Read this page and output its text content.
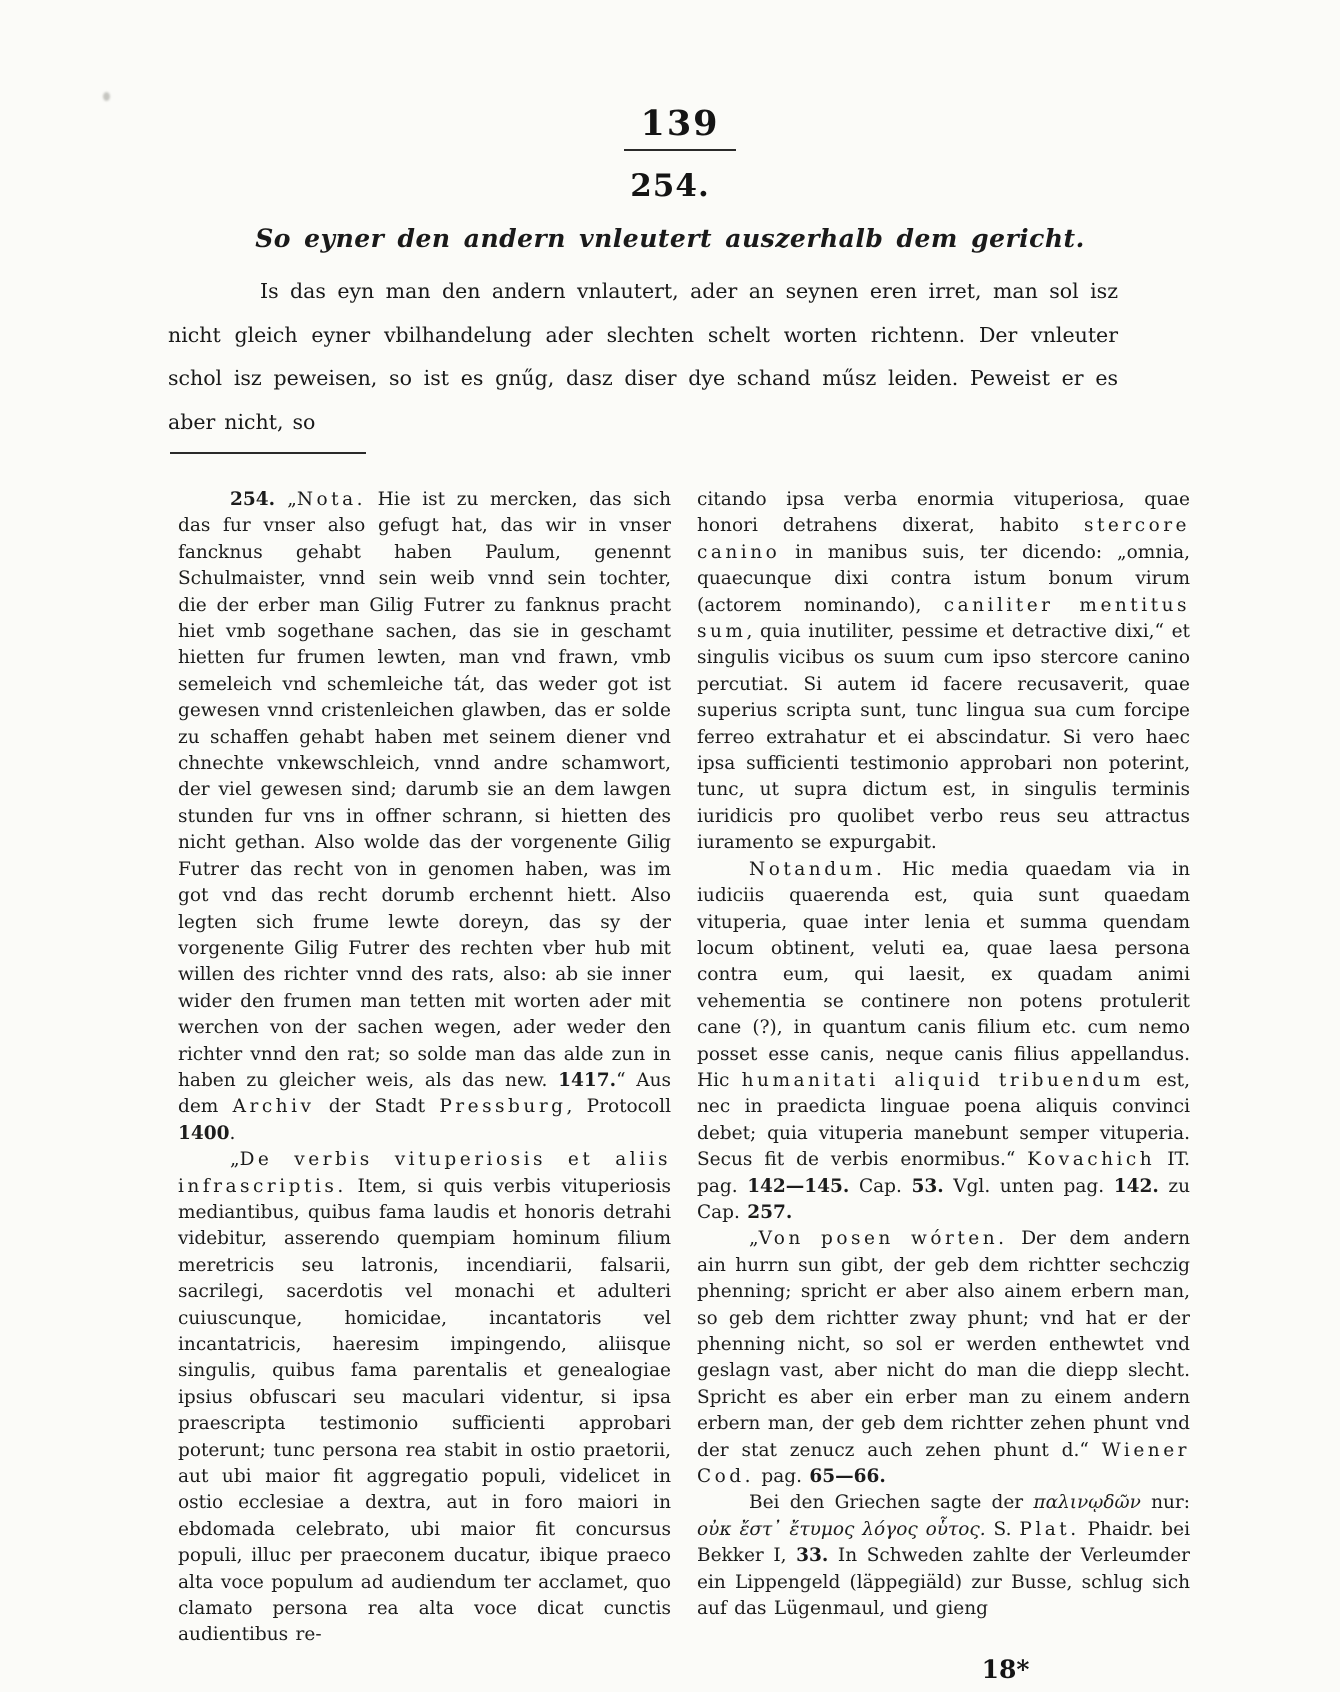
139
254.
So eyner den andern vnleutert auszerhalb dem gericht.

Is das eyn man den andern vnlautert, ader an seynen eren irret, man sol isz nicht gleich eyner vbilhandelung ader slechten schelt worten richtenn. Der vnleuter schol isz peweisen, so ist es gnűg, dasz diser dye schand műsz leiden. Peweist er es aber nicht, so

254. „Nota. Hie ist zu mercken, das sich das fur vnser also gefugt hat, das wir in vnser fancknus gehabt haben Paulum, genennt Schulmaister, vnnd sein weib vnnd sein tochter, die der erber man Gilig Futrer zu fanknus pracht hiet vmb sogethane sachen, das sie in geschamt hietten fur frumen lewten, man vnd frawn, vmb semeleich vnd schemleiche tát, das weder got ist gewesen vnnd cristenleichen glawben, das er solde zu schaffen gehabt haben met seinem diener vnd chnechte vnkewschleich, vnnd andre schamwort, der viel gewesen sind; darumb sie an dem lawgen stunden fur vns in offner schrann, si hietten des nicht gethan. Also wolde das der vorgenente Gilig Futrer das recht von in genomen haben, was im got vnd das recht dorumb erchennt hiett. Also legten sich frume lewte doreyn, das sy der vorgenente Gilig Futrer des rechten vber hub mit willen des richter vnnd des rats, also: ab sie inner wider den frumen man tetten mit worten ader mit werchen von der sachen wegen, ader weder den richter vnnd den rat; so solde man das alde zun in haben zu gleicher weis, als das new. 1417.“ Aus dem Archiv der Stadt Pressburg, Protocoll 1400.
„De verbis vituperiosis et aliis infrascriptis. Item, si quis verbis vituperiosis mediantibus, quibus fama laudis et honoris detrahi videbitur, asserendo quempiam hominum filium meretricis seu latronis, incendiarii, falsarii, sacrilegi, sacerdotis vel monachi et adulteri cuiuscunque, homicidae, incantatoris vel incantatricis, haeresim impingendo, aliisque singulis, quibus fama parentalis et genealogiae ipsius obfuscari seu maculari videntur, si ipsa praescripta testimonio sufficienti approbari poterunt; tunc persona rea stabit in ostio praetorii, aut ubi maior fit aggregatio populi, videlicet in ostio ecclesiae a dextra, aut in foro maiori in ebdomada celebrato, ubi maior fit concursus populi, illuc per praeconem ducatur, ibique praeco alta voce populum ad audiendum ter acclamet, quo clamato persona rea alta voce dicat cunctis audientibus re-
citando ipsa verba enormia vituperiosa, quae honori detrahens dixerat, habito stercore canino in manibus suis, ter dicendo: „omnia, quaecunque dixi contra istum bonum virum (actorem nominando), caniliter mentitus sum, quia inutiliter, pessime et detractive dixi,“ et singulis vicibus os suum cum ipso stercore canino percutiat. Si autem id facere recusaverit, quae superius scripta sunt, tunc lingua sua cum forcipe ferreo extrahatur et ei abscindatur. Si vero haec ipsa sufficienti testimonio approbari non poterint, tunc, ut supra dictum est, in singulis terminis iuridicis pro quolibet verbo reus seu attractus iuramento se expurgabit.
Notandum. Hic media quaedam via in iudiciis quaerenda est, quia sunt quaedam vituperia, quae inter lenia et summa quendam locum obtinent, veluti ea, quae laesa persona contra eum, qui laesit, ex quadam animi vehementia se continere non potens protulerit cane (?), in quantum canis filium etc. cum nemo posset esse canis, neque canis filius appellandus. Hic humanitati aliquid tribuendum est, nec in praedicta linguae poena aliquis convinci debet; quia vituperia manebunt semper vituperia. Secus fit de verbis enormibus.“ Kovachich IT. pag. 142—145. Cap. 53. Vgl. unten pag. 142. zu Cap. 257.
„Von posen wórten. Der dem andern ain hurrn sun gibt, der geb dem richtter sechczig phenning; spricht er aber also ainem erbern man, so geb dem richtter zway phunt; vnd hat er der phenning nicht, so sol er werden enthewtet vnd geslagn vast, aber nicht do man die diepp slecht. Spricht es aber ein erber man zu einem andern erbern man, der geb dem richtter zehen phunt vnd der stat zenucz auch zehen phunt d.“ Wiener Cod. pag. 65—66.
Bei den Griechen sagte der παλινῳδῶν nur: οὐκ ἔστ᾽ ἔτυμος λόγος οὗτος. S. Plat. Phaidr. bei Bekker I, 33. In Schweden zahlte der Verleumder ein Lippengeld (läppegiäld) zur Busse, schlug sich auf das Lügenmaul, und gieng
18*
